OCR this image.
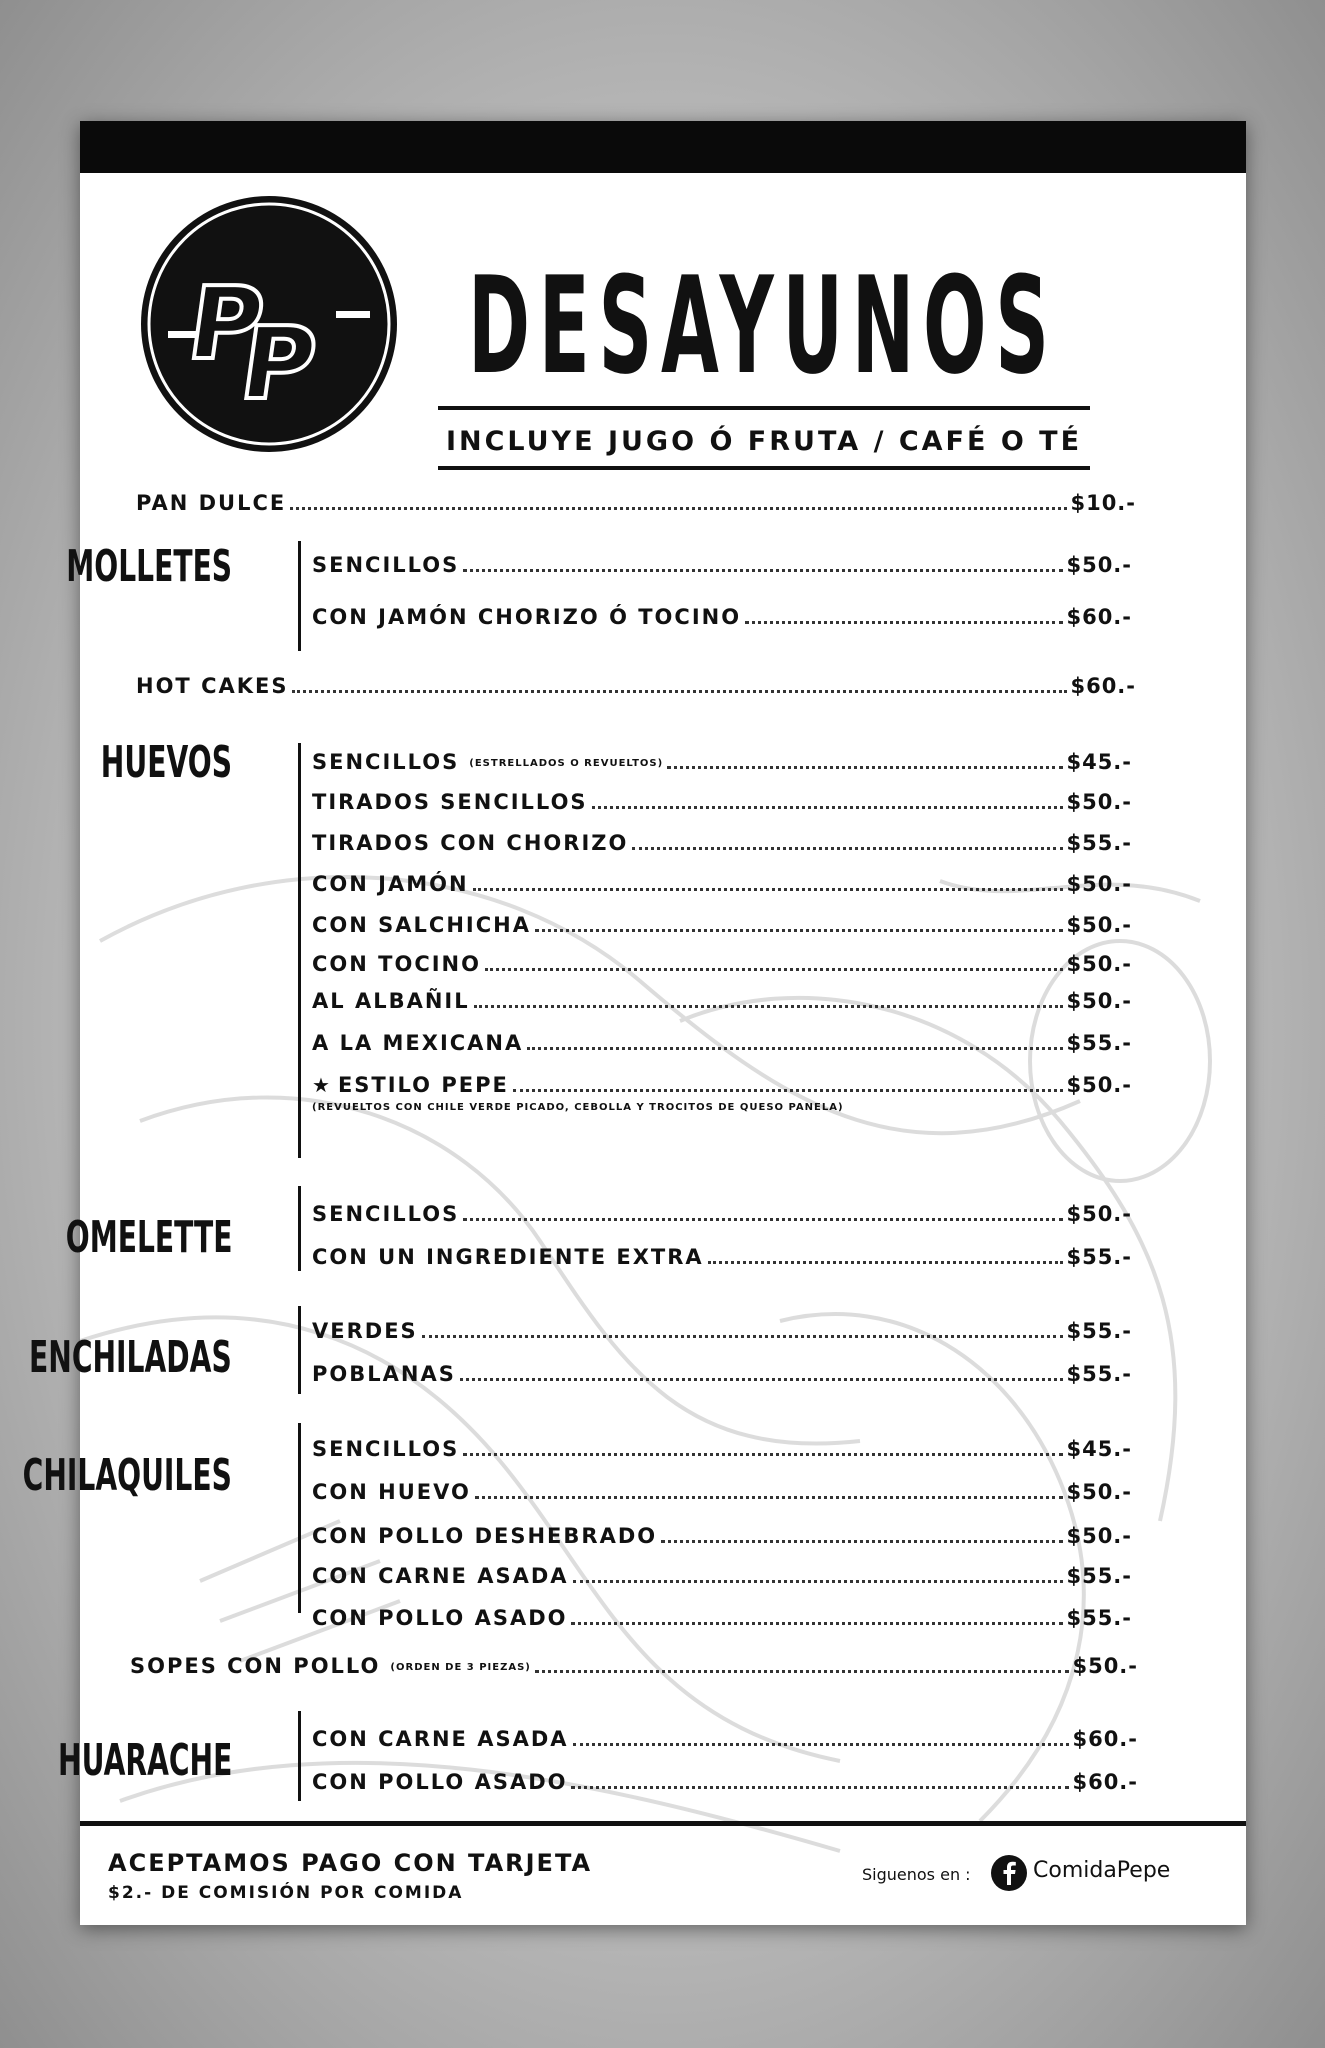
P
P DESAYUNOS
INCLUYE JUGO Ó FRUTA / CAFÉ O TÉ
PAN DULCE	$10.-
MOLLETES	SENCILLOS	$50.-
CON JAMÓN CHORIZO Ó TOCINO	$60.-
HOT CAKES	$60.-
HUEVOS	SENCILLOS (ESTRELLADOS O REVUELTOS)	$45.-
TIRADOS SENCILLOS	$50.-
TIRADOS CON CHORIZO	$55.-
CON JAMÓN	$50.-
CON SALCHICHA	$50.-
CON TOCINO	$50.-
AL ALBAÑIL	$50.-
A LA MEXICANA	$55.-
★ ESTILO PEPE	$50.-
(REVUELTOS CON CHILE VERDE PICADO, CEBOLLA Y TROCITOS DE QUESO PANELA)
OMELETTE	SENCILLOS	$50.-
CON UN INGREDIENTE EXTRA	$55.-
ENCHILADAS
VERDES	$55.-
POBLANAS	$55.-
CHILAQUILES
SENCILLOS	$45.-
CON HUEVO	$50.-
CON POLLO DESHEBRADO	$50.-
CON CARNE ASADA	$55.-
CON POLLO ASADO	$55.-
SOPES CON POLLO (ORDEN DE 3 PIEZAS)	$50.-
HUARACHE	CON CARNE ASADA	$60.-
CON POLLO ASADO	$60.-
ACEPTAMOS PAGO CON TARJETA
$2.- DE COMISIÓN POR COMIDA
Siguenos en :	ComidaPepe
